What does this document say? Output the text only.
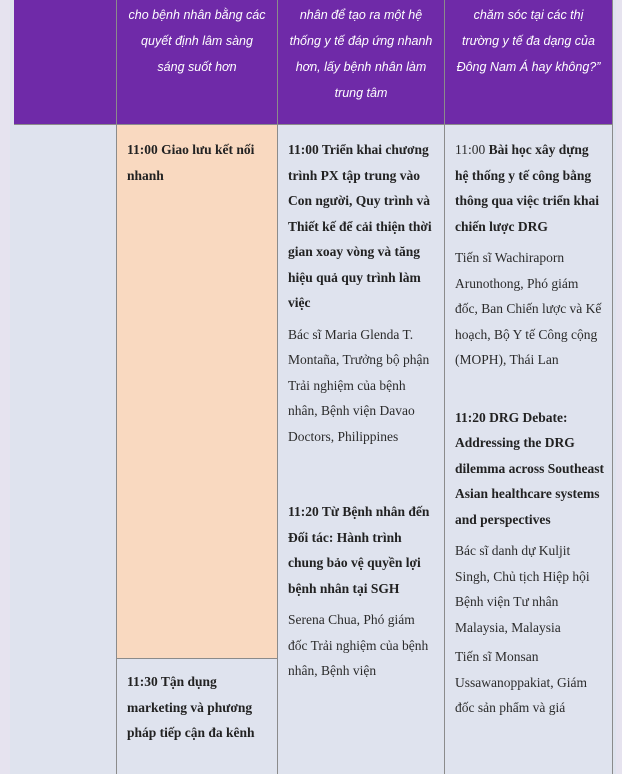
cho bệnh nhân bằng các quyết định lâm sàng sáng suốt hơn
nhân để tạo ra một hệ thống y tế đáp ứng nhanh hơn, lấy bệnh nhân làm trung tâm
chăm sóc tại các thị trường y tế đa dạng của Đông Nam Á hay không?”

11:00 Giao lưu kết nối nhanh

11:30 Tận dụng marketing và phương pháp tiếp cận đa kênh

11:00 Triển khai chương trình PX tập trung vào Con người, Quy trình và Thiết kế để cải thiện thời gian xoay vòng và tăng hiệu quả quy trình làm việc

Bác sĩ Maria Glenda T. Montaña, Trưởng bộ phận Trải nghiệm của bệnh nhân, Bệnh viện Davao Doctors, Philippines

11:20 Từ Bệnh nhân đến Đối tác: Hành trình chung bảo vệ quyền lợi bệnh nhân tại SGH

Serena Chua, Phó giám đốc Trải nghiệm của bệnh nhân, Bệnh viện

11:00 Bài học xây dựng hệ thống y tế công bằng thông qua việc triển khai chiến lược DRG

Tiến sĩ Wachiraporn Arunothong, Phó giám đốc, Ban Chiến lược và Kế hoạch, Bộ Y tế Công cộng (MOPH), Thái Lan

11:20 DRG Debate: Addressing the DRG dilemma across Southeast Asian healthcare systems and perspectives

Bác sĩ danh dự Kuljit Singh, Chủ tịch Hiệp hội Bệnh viện Tư nhân Malaysia, Malaysia

Tiến sĩ Monsan Ussawanoppakiat, Giám đốc sản phẩm và giá
